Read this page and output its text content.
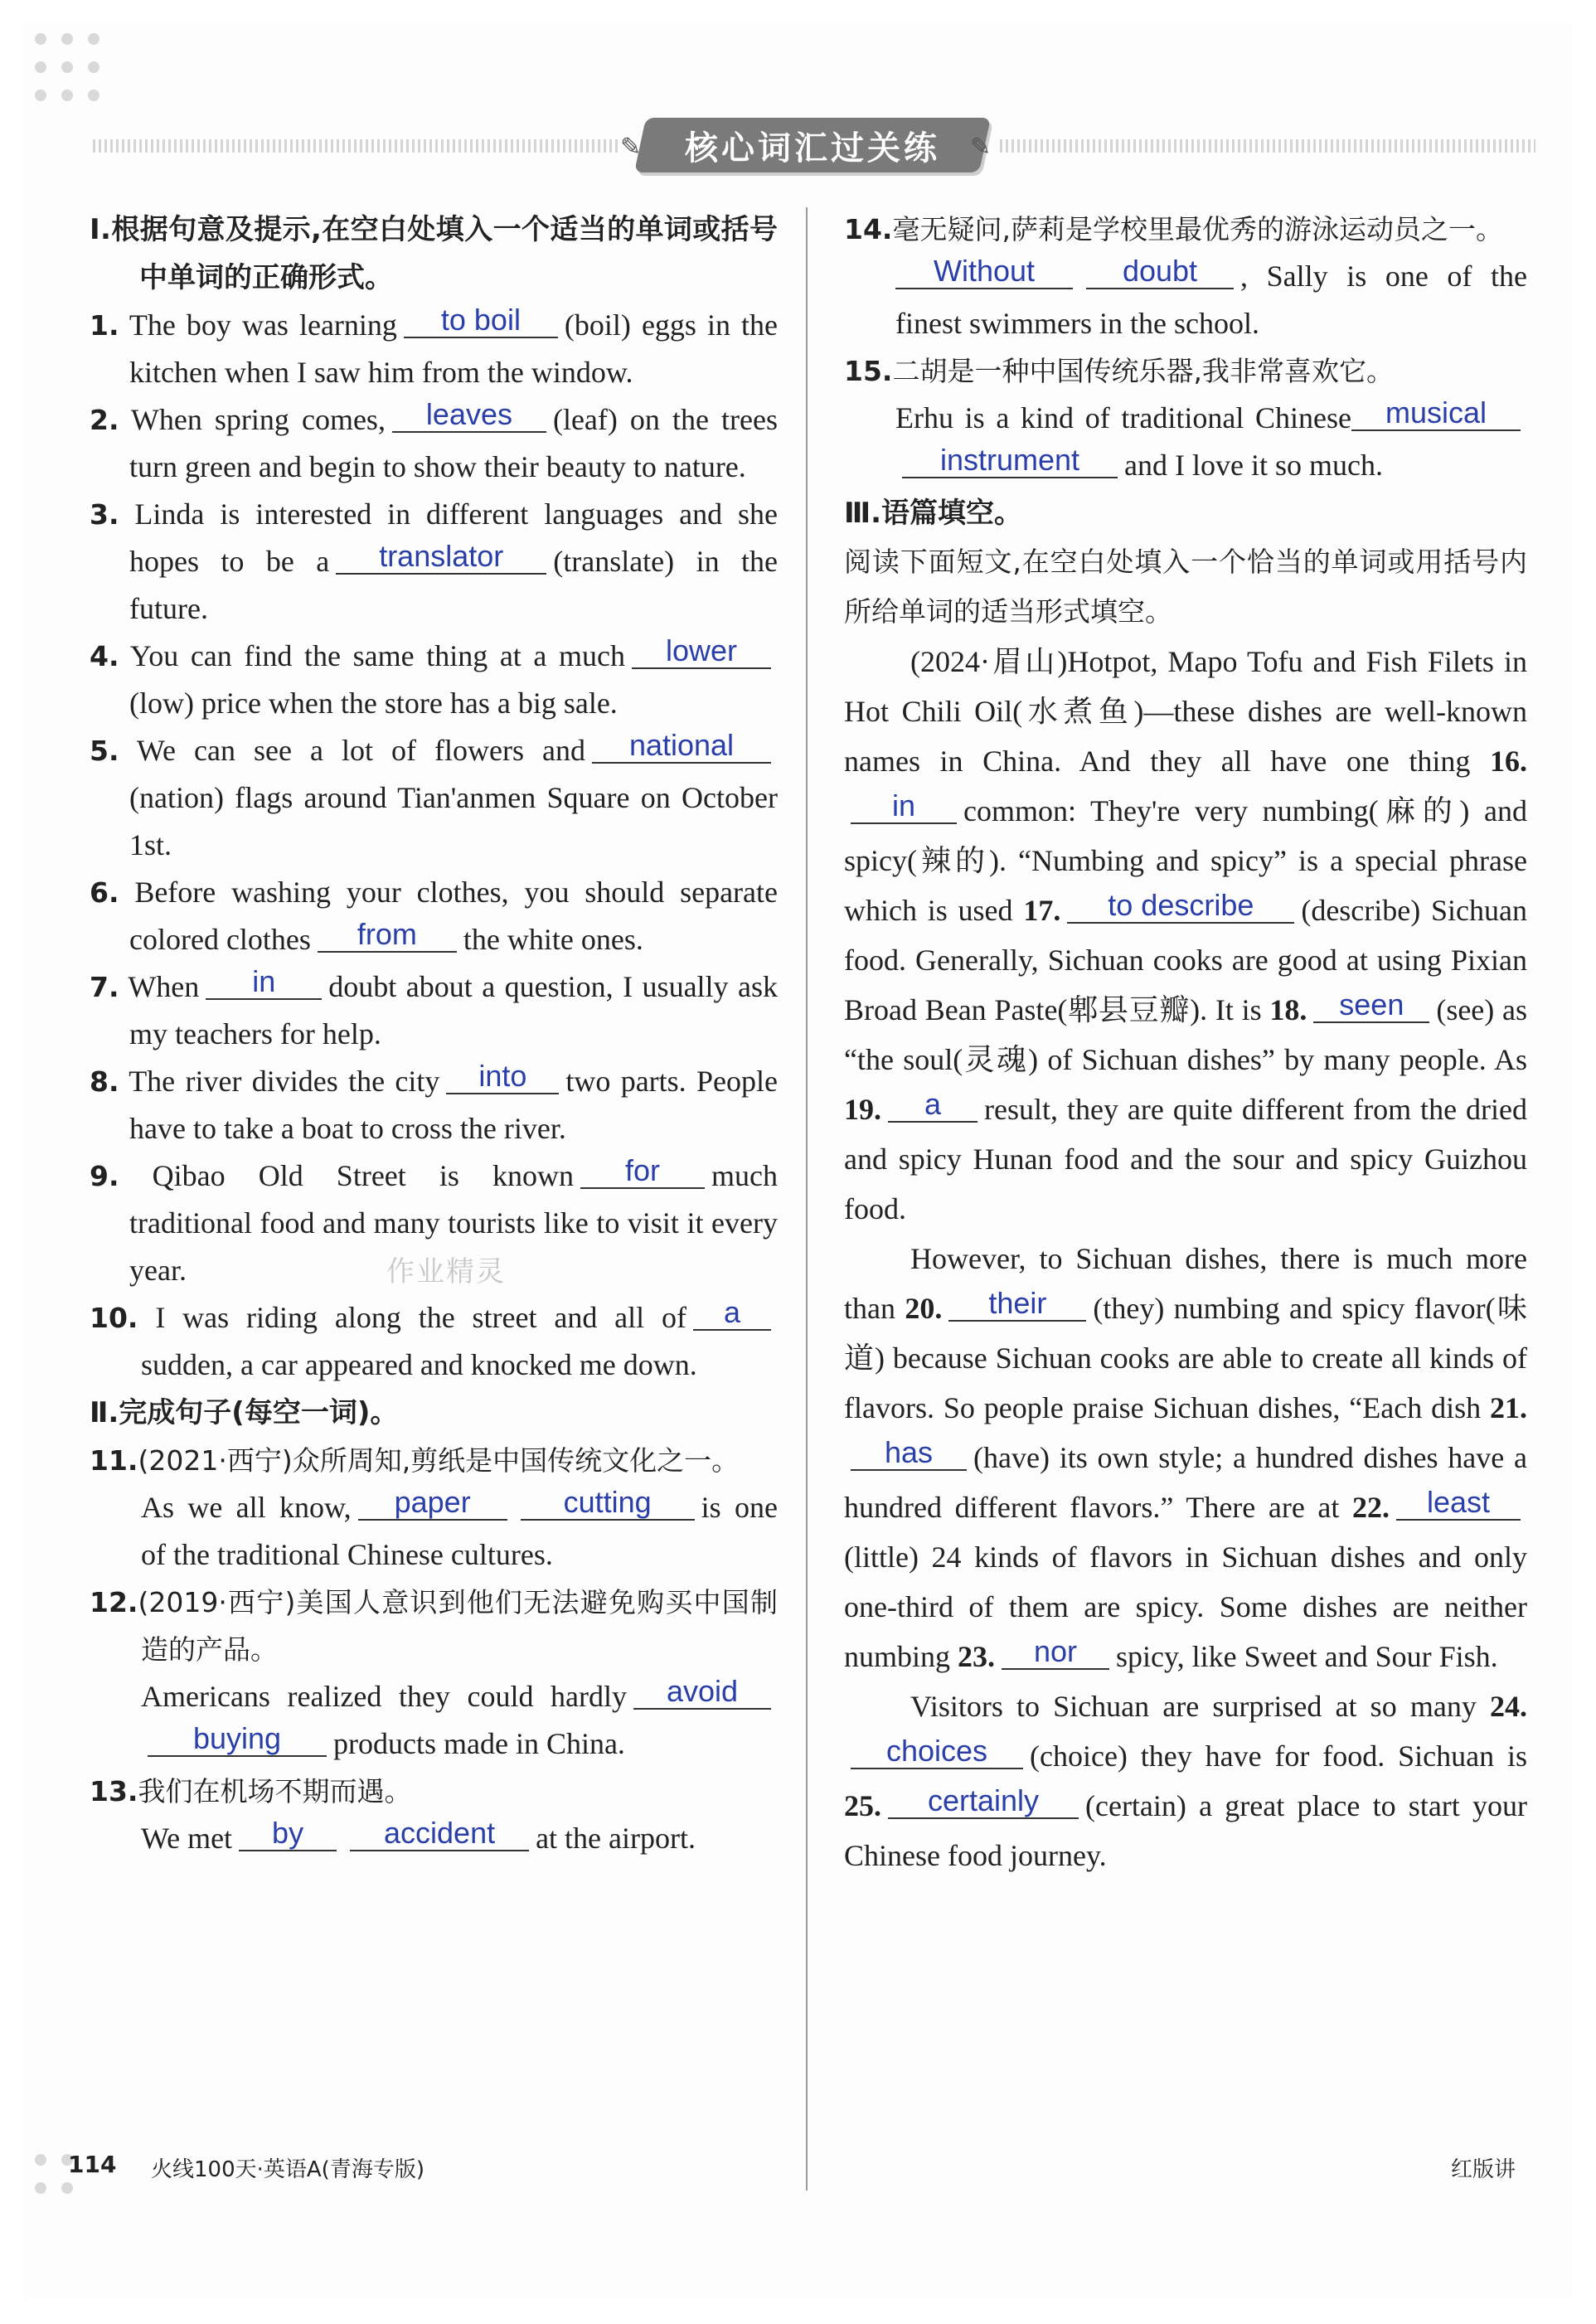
✎	核心词汇过关练	✎
Ⅰ.根据句意及提示,在空白处填入一个适当的单词或括号中单词的正确形式。
1. The boy was learning to boil (boil) eggs in the kitchen when I saw him from the window.
2. When spring comes, leaves (leaf) on the trees turn green and begin to show their beauty to nature.
3. Linda is interested in different languages and she hopes to be a translator (translate) in the future.
4. You can find the same thing at a much lower(low) price when the store has a big sale.
5. We can see a lot of flowers and national(nation) flags around Tian'anmen Square on October 1st.
6. Before washing your clothes, you should separate colored clothes from the white ones.
7. When in doubt about a question, I usually ask my teachers for help.
8. The river divides the city into two parts. People have to take a boat to cross the river.
9. Qibao Old Street is known for much traditional food and many tourists like to visit it every year.
10. I was riding along the street and all of asudden, a car appeared and knocked me down.
Ⅱ.完成句子(每空一词)。
11.(2021·西宁)众所周知,剪纸是中国传统文化之一。
As we all know, paper	cutting is one of the traditional Chinese cultures.
12.(2019·西宁)美国人意识到他们无法避免购买中国制造的产品。
Americans realized they could hardly avoidbuying products made in China.
13.我们在机场不期而遇。
We met by	accident at the airport.
作业精灵
14.毫无疑问,萨莉是学校里最优秀的游泳运动员之一。
Without	doubt , Sally is one of the finest swimmers in the school.
15.二胡是一种中国传统乐器,我非常喜欢它。
Erhu is a kind of traditional Chinese musicalinstrument and I love it so much.
Ⅲ.语篇填空。
阅读下面短文,在空白处填入一个恰当的单词或用括号内所给单词的适当形式填空。

(2024·眉山)Hotpot, Mapo Tofu and Fish Filets in Hot Chili Oil(水煮鱼)—these dishes are well-known names in China. And they all have one thing 16.in common: They're very numbing(麻的) and spicy(辣的). “Numbing and spicy” is a special phrase which is used 17. to describe (describe) Sichuan food. Generally, Sichuan cooks are good at using Pixian Broad Bean Paste(郫县豆瓣). It is 18. seen (see) as “the soul(灵魂) of Sichuan dishes” by many people. As 19. a result, they are quite different from the dried and spicy Hunan food and the sour and spicy Guizhou food.

However, to Sichuan dishes, there is much more than 20. their (they) numbing and spicy flavor(味道) because Sichuan cooks are able to create all kinds of flavors. So people praise Sichuan dishes, “Each dish 21.has (have) its own style; a hundred dishes have a hundred different flavors.” There are at 22. least(little) 24 kinds of flavors in Sichuan dishes and only one-third of them are spicy. Some dishes are neither numbing 23. nor spicy, like Sweet and Sour Fish.

Visitors to Sichuan are surprised at so many 24.choices (choice) they have for food. Sichuan is 25. certainly (certain) a great place to start your Chinese food journey.

114 火线100天·英语A(青海专版)	红版讲
